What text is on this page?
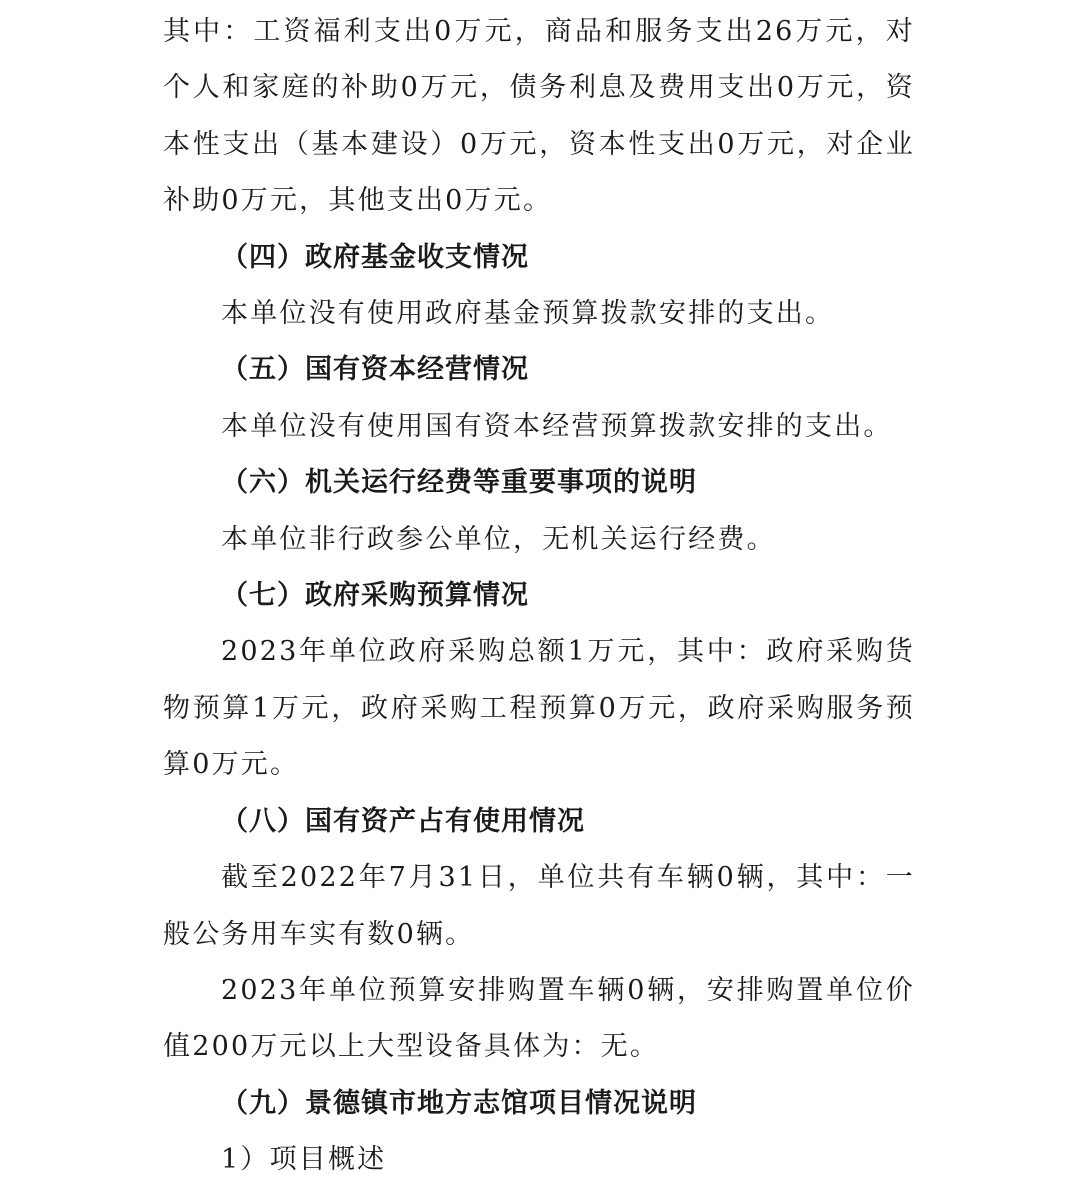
其中：工资福利支出0万元，商品和服务支出26万元，对个人和家庭的补助0万元，债务利息及费用支出0万元，资本性支出（基本建设）0万元，资本性支出0万元，对企业补助0万元，其他支出0万元。

（四）政府基金收支情况

本单位没有使用政府基金预算拨款安排的支出。

（五）国有资本经营情况

本单位没有使用国有资本经营预算拨款安排的支出。

（六）机关运行经费等重要事项的说明

本单位非行政参公单位，无机关运行经费。

（七）政府采购预算情况

2023年单位政府采购总额1万元，其中：政府采购货物预算1万元，政府采购工程预算0万元，政府采购服务预算0万元。

（八）国有资产占有使用情况

截至2022年7月31日，单位共有车辆0辆，其中：一般公务用车实有数0辆。

2023年单位预算安排购置车辆0辆，安排购置单位价值200万元以上大型设备具体为：无。

（九）景德镇市地方志馆项目情况说明

1）项目概述
